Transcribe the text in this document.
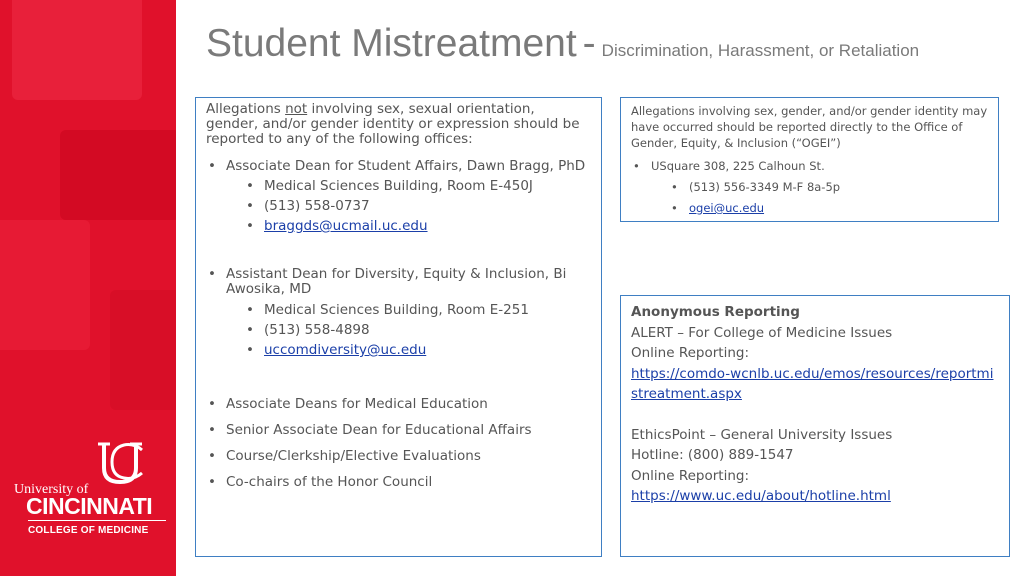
University of
CINCINNATI
COLLEGE OF MEDICINE
Student Mistreatment - Discrimination, Harassment, or Retaliation
Allegations not involving sex, sexual orientation, gender, and/or gender identity or expression should be reported to any of the following offices:
• Associate Dean for Student Affairs, Dawn Bragg, PhD
• Medical Sciences Building, Room E-450J
• (513) 558-0737
• braggds@ucmail.uc.edu
• Assistant Dean for Diversity, Equity & Inclusion, Bi Awosika, MD
• Medical Sciences Building, Room E-251
• (513) 558-4898
• uccomdiversity@uc.edu
• Associate Deans for Medical Education
• Senior Associate Dean for Educational Affairs
• Course/Clerkship/Elective Evaluations
• Co-chairs of the Honor Council
Allegations involving sex, gender, and/or gender identity may have occurred should be reported directly to the Office of Gender, Equity, & Inclusion (“OGEI”)
• USquare 308, 225 Calhoun St.
• (513) 556-3349 M-F 8a-5p
• ogei@uc.edu
Anonymous Reporting
ALERT – For College of Medicine Issues
Online Reporting:
https://comdo-wcnlb.uc.edu/emos/resources/reportmistreatment.aspx
EthicsPoint – General University Issues
Hotline: (800) 889-1547
Online Reporting:
https://www.uc.edu/about/hotline.html
